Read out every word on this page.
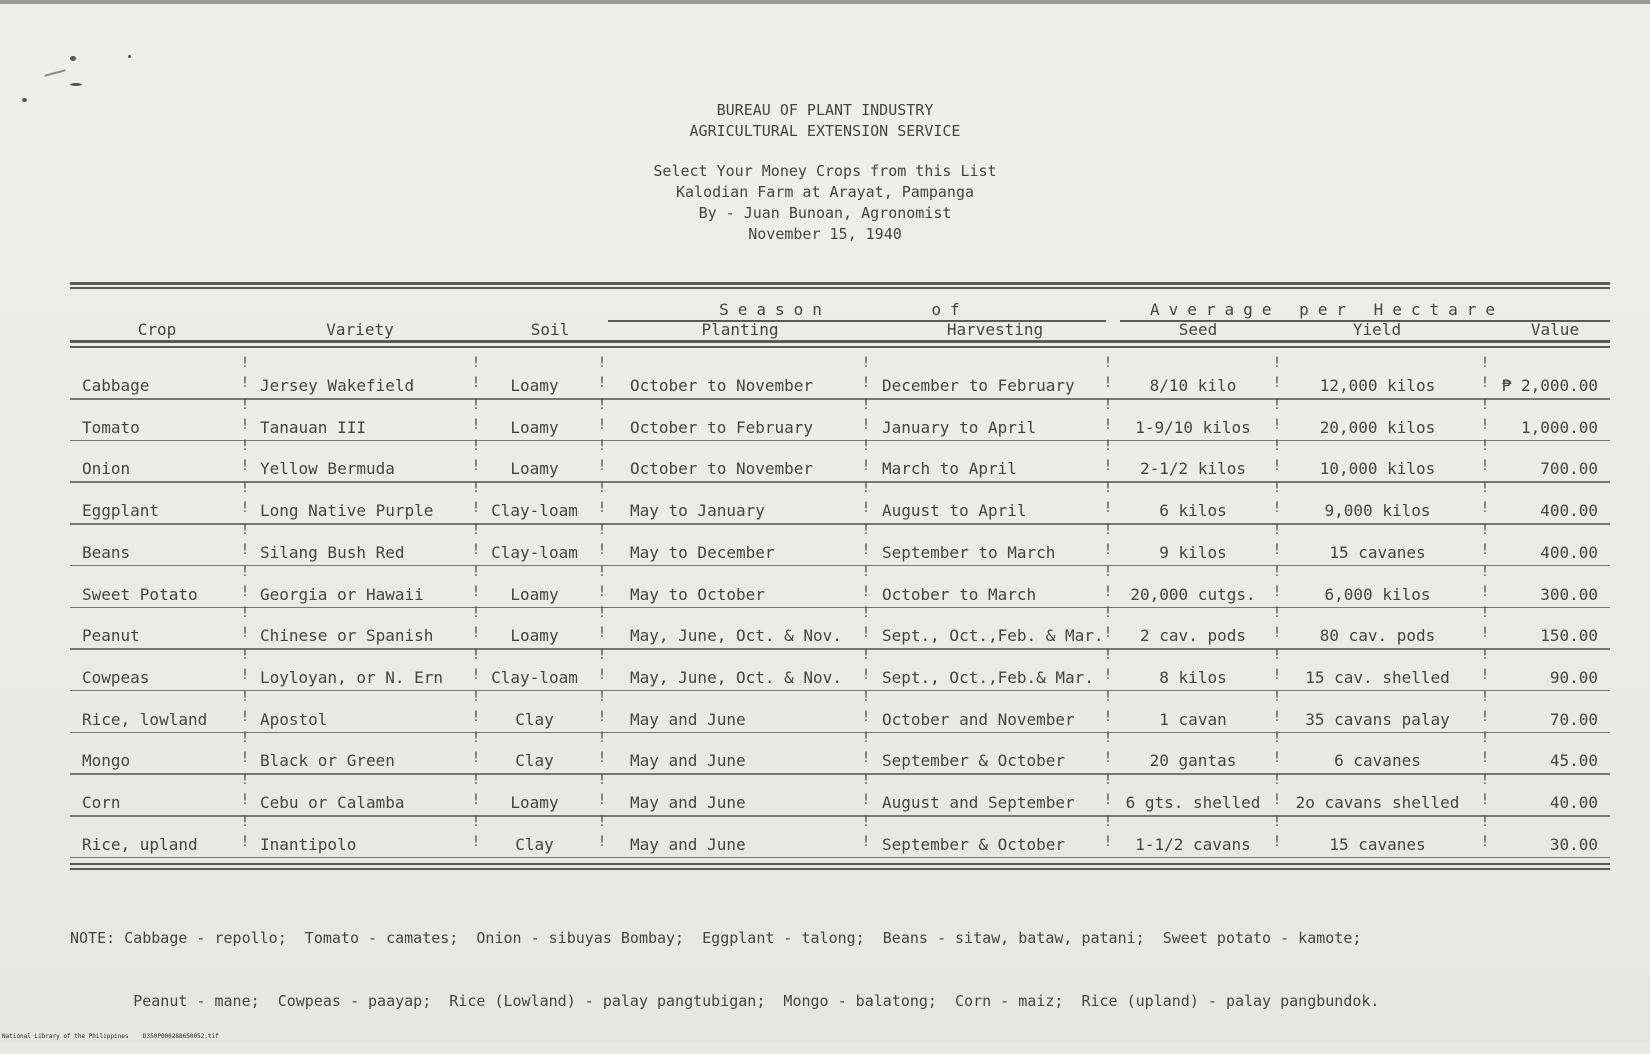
BUREAU OF PLANT INDUSTRY
AGRICULTURAL EXTENSION SERVICE
Select Your Money Crops from this List
Kalodian Farm at Arayat, Pampanga
By - Juan Bunoan, Agronomist
November 15, 1940
Season	of	Average per Hectare
Crop	Variety	Soil	Planting	Harvesting	Seed	Yield	Value
Cabbage	Jersey Wakefield	Loamy	October to November	December to February	8/10 kilo	12,000 kilos	₱ 2,000.00
!
!
!
!
!
!
!
!
!
!
!
!
!
!
Tomato	Tanauan III	Loamy	October to February	January to April	1-9/10 kilos	20,000 kilos	1,000.00
!
!
!
!
!
!
!
!
!
!
!
!
!
!
Onion	Yellow Bermuda	Loamy	October to November	March to April	2-1/2 kilos	10,000 kilos	700.00
!
!
!
!
!
!
!
!
!
!
!
!
!
!
Eggplant	Long Native Purple	Clay-loam	May to January	August to April	6 kilos	9,000 kilos	400.00
!
!
!
!
!
!
!
!
!
!
!
!
!
!
Beans	Silang Bush Red	Clay-loam	May to December	September to March	9 kilos	15 cavanes	400.00
!
!
!
!
!
!
!
!
!
!
!
!
!
!
Sweet Potato	Georgia or Hawaii	Loamy	May to October	October to March	20,000 cutgs.	6,000 kilos	300.00
!
!
!
!
!
!
!
!
!
!
!
!
!
!
Peanut	Chinese or Spanish	Loamy	May, June, Oct. & Nov.	Sept., Oct.,Feb. & Mar.	2 cav. pods	80 cav. pods	150.00
!
!
!
!
!
!
!
!
!
!
!
!
!
!
Cowpeas	Loyloyan, or N. Ern	Clay-loam	May, June, Oct. & Nov.	Sept., Oct.,Feb.& Mar.	8 kilos	15 cav. shelled	90.00
!
!
!
!
!
!
!
!
!
!
!
!
!
!
Rice, lowland	Apostol	Clay	May and June	October and November	1 cavan	35 cavans palay	70.00
!
!
!
!
!
!
!
!
!
!
!
!
!
!
Mongo	Black or Green	Clay	May and June	September & October	20 gantas	6 cavanes	45.00
!
!
!
!
!
!
!
!
!
!
!
!
!
!
Corn	Cebu or Calamba	Loamy	May and June	August and September	6 gts. shelled	2o cavans shelled	40.00
!
!
!
!
!
!
!
!
!
!
!
!
!
!
Rice, upland	Inantipolo	Clay	May and June	September & October	1-1/2 cavans	15 cavanes	30.00
!
!
!
!
!
!
!
!
!
!
!
!
!
!

NOTE: Cabbage - repollo;  Tomato - camates;  Onion - sibuyas Bombay;  Eggplant - talong;  Beans - sitaw, bataw, patani;  Sweet potato - kamote;

Peanut - mane;  Cowpeas - paayap;  Rice (Lowland) - palay pangtubigan;  Mongo - balatong;  Corn - maiz;  Rice (upland) - palay pangbundok.

National Library of the Philippines    D350P000288650052.tif
